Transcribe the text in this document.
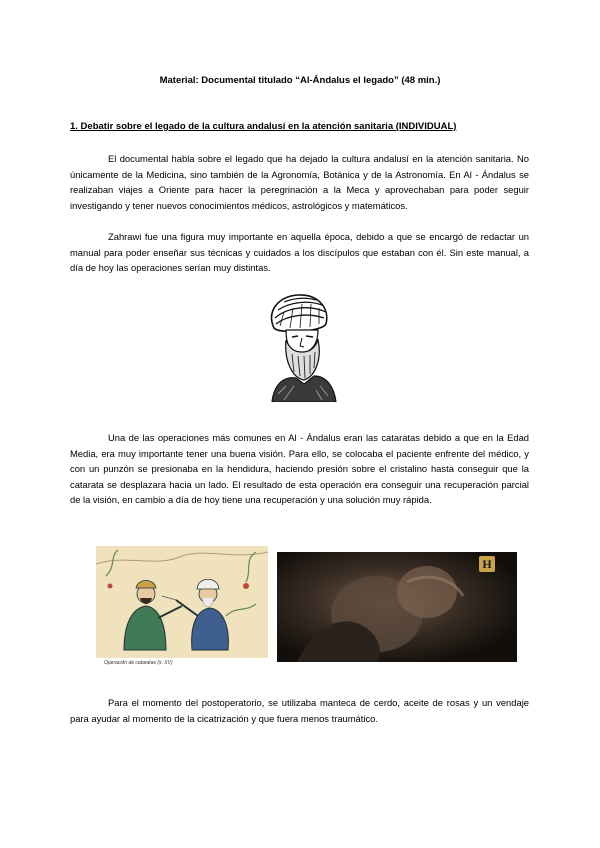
Material: Documental titulado “Al-Ándalus el legado” (48 min.)
1. Debatir sobre el legado de la cultura andalusí en la atención sanitaria (INDIVIDUAL)

El documental habla sobre el legado que ha dejado la cultura andalusí en la atención sanitaria. No únicamente de la Medicina, sino también de la Agronomía, Botánica y de la Astronomía. En Al - Ándalus se realizaban viajes a Oriente para hacer la peregrinación a la Meca y aprovechaban para poder seguir investigando y tener nuevos conocimientos médicos, astrológicos y matemáticos.

Zahrawi fue una figura muy importante en aquella época, debido a que se encargó de redactar un manual para poder enseñar sus técnicas y cuidados a los discípulos que estaban con él. Sin este manual, a día de hoy las operaciones serían muy distintas.

Una de las operaciones más comunes en Al - Ándalus eran las cataratas debido a que en la Edad Media, era muy importante tener una buena visión. Para ello, se colocaba el paciente enfrente del médico, y con un punzón se presionaba en la hendidura, haciendo presión sobre el cristalino hasta conseguir que la catarata se desplazara hacia un lado. El resultado de esta operación era conseguir una recuperación parcial de la visión, en cambio a día de hoy tiene una recuperación y una solución muy rápida.

Operación de cataratas (s. XV)
H

Para el momento del postoperatorio, se utilizaba manteca de cerdo, aceite de rosas y un vendaje para ayudar al momento de la cicatrización y que fuera menos traumático.
